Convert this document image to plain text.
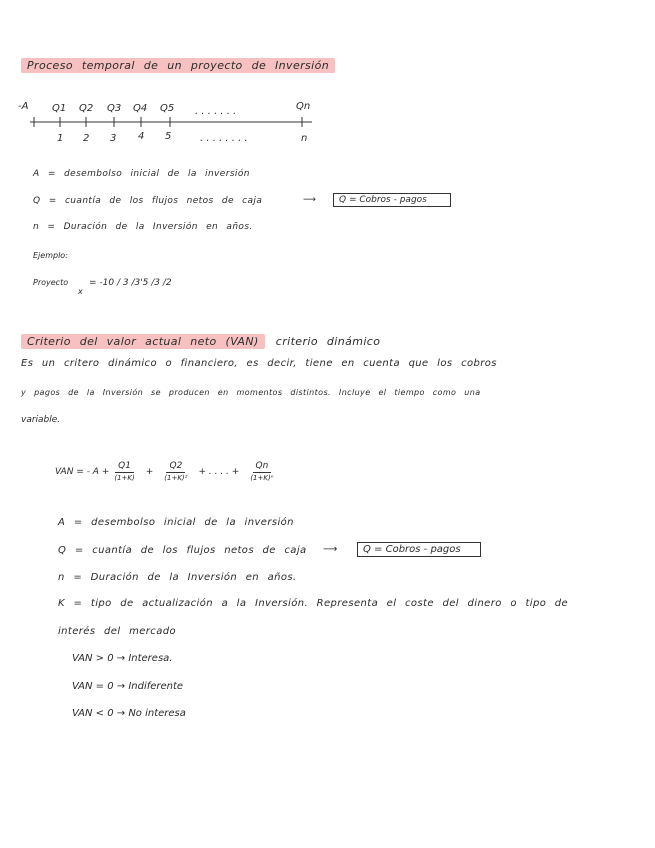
Proceso temporal de un proyecto de Inversión
-A Q1 Q2 Q3 Q4 Q5 . . . . . . .	Qn
1 2 3 4 5	. . . . . . . .	n
A = desembolso inicial de la inversión
Q = cuantía de los flujos netos de caja	⟶	Q = Cobros - pagos
n = Duración de la Inversión en años.
Ejemplo:
Proyecto
x
= -10 / 3 /3'5 /3 /2
Criterio del valor actual neto (VAN) criterio dinámico
Es un critero dinámico o financiero, es decir, tiene en cuenta que los cobros
y pagos de la Inversión se producen en momentos distintos. Incluye el tiempo como una
variable.
VAN = - $A + \frac{Q1}{(1+K)} + \frac{Q2}{\text{(1+K)²}}$ + . . . . + $\frac{Qn}{\text{(1+K)ⁿ}}$
A = desembolso inicial de la inversión
Q = cuantía de los flujos netos de caja ⟶	Q = Cobros - pagos
n = Duración de la Inversión en años.
K = tipo de actualización a la Inversión. Representa el coste del dinero o tipo de
interés del mercado
VAN > 0 → Interesa.
VAN = 0 → Indiferente
VAN < 0 → No interesa
